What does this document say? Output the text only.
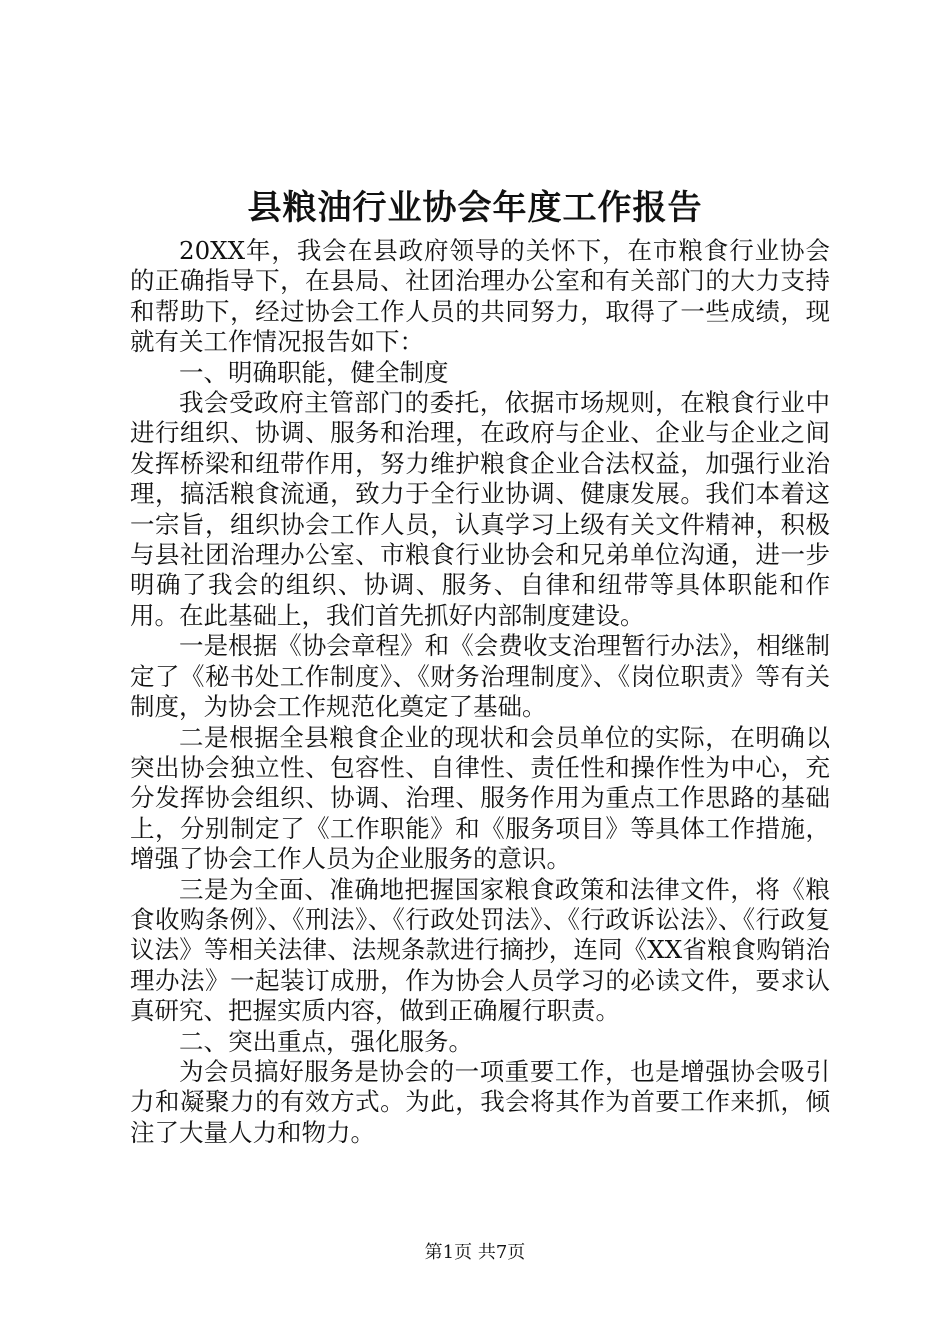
县粮油行业协会年度工作报告

20XX年，我会在县政府领导的关怀下，在市粮食行业协会的正确指导下，在县局、社团治理办公室和有关部门的大力支持和帮助下，经过协会工作人员的共同努力，取得了一些成绩，现就有关工作情况报告如下：

一、明确职能，健全制度

我会受政府主管部门的委托，依据市场规则，在粮食行业中进行组织、协调、服务和治理，在政府与企业、企业与企业之间发挥桥梁和纽带作用，努力维护粮食企业合法权益，加强行业治理，搞活粮食流通，致力于全行业协调、健康发展。我们本着这一宗旨，组织协会工作人员，认真学习上级有关文件精神，积极与县社团治理办公室、市粮食行业协会和兄弟单位沟通，进一步明确了我会的组织、协调、服务、自律和纽带等具体职能和作用。在此基础上，我们首先抓好内部制度建设。

一是根据《协会章程》和《会费收支治理暂行办法》，相继制定了《秘书处工作制度》、《财务治理制度》、《岗位职责》等有关制度，为协会工作规范化奠定了基础。

二是根据全县粮食企业的现状和会员单位的实际，在明确以突出协会独立性、包容性、自律性、责任性和操作性为中心，充分发挥协会组织、协调、治理、服务作用为重点工作思路的基础上，分别制定了《工作职能》和《服务项目》等具体工作措施，增强了协会工作人员为企业服务的意识。

三是为全面、准确地把握国家粮食政策和法律文件，将《粮食收购条例》、《刑法》、《行政处罚法》、《行政诉讼法》、《行政复议法》等相关法律、法规条款进行摘抄，连同《XX省粮食购销治理办法》一起装订成册，作为协会人员学习的必读文件，要求认真研究、把握实质内容，做到正确履行职责。

二、突出重点，强化服务。

为会员搞好服务是协会的一项重要工作，也是增强协会吸引力和凝聚力的有效方式。为此，我会将其作为首要工作来抓，倾注了大量人力和物力。

第1页 共7页
